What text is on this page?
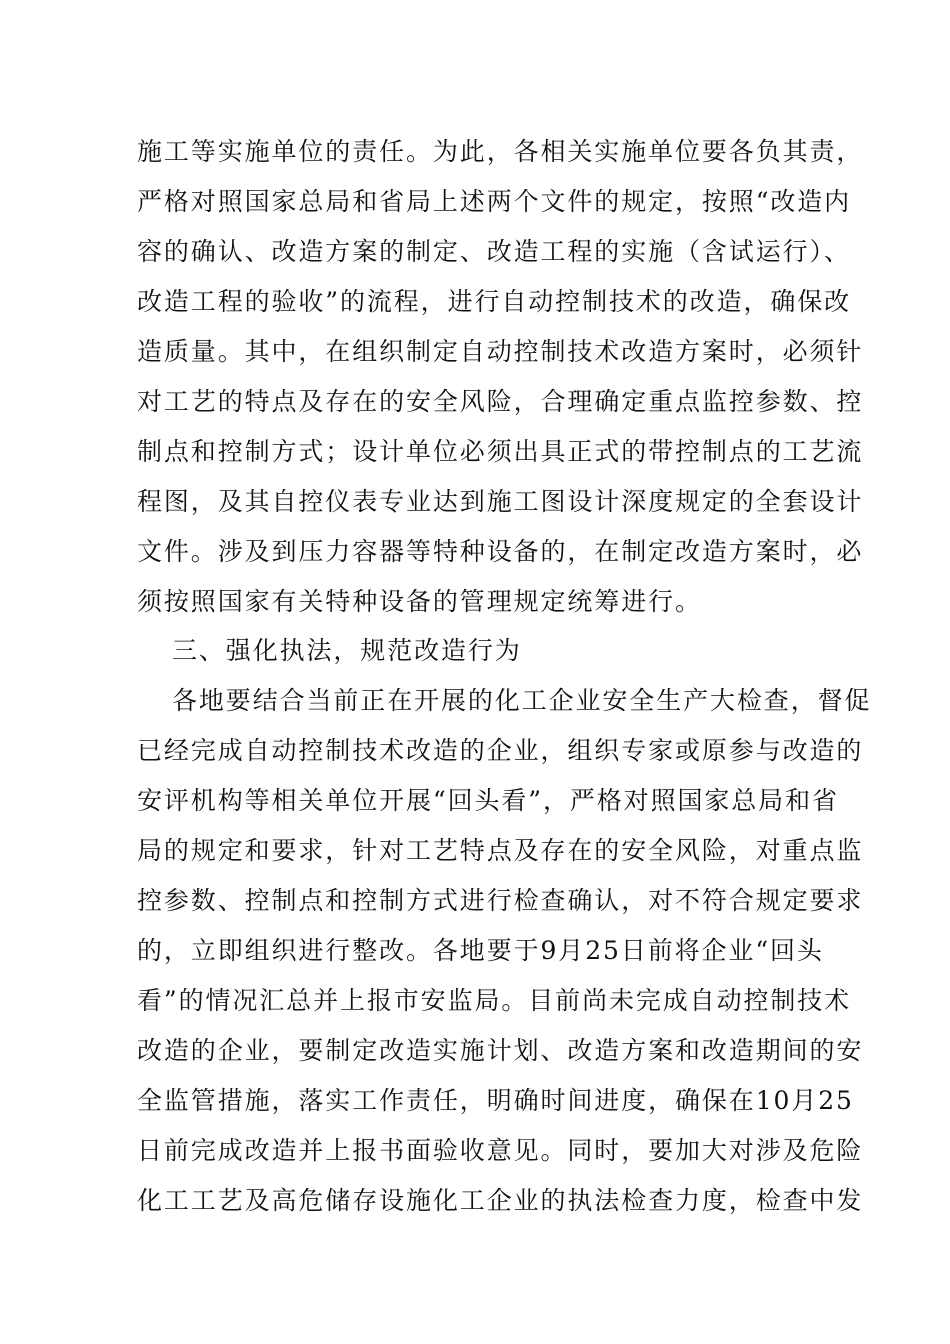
施工等实施单位的责任。为此，各相关实施单位要各负其责，
严格对照国家总局和省局上述两个文件的规定，按照“改造内
容的确认、改造方案的制定、改造工程的实施（含试运行）、
改造工程的验收”的流程，进行自动控制技术的改造，确保改
造质量。其中，在组织制定自动控制技术改造方案时，必须针
对工艺的特点及存在的安全风险，合理确定重点监控参数、控
制点和控制方式；设计单位必须出具正式的带控制点的工艺流
程图，及其自控仪表专业达到施工图设计深度规定的全套设计
文件。涉及到压力容器等特种设备的，在制定改造方案时，必
须按照国家有关特种设备的管理规定统筹进行。
三、强化执法，规范改造行为
各地要结合当前正在开展的化工企业安全生产大检查，督促
已经完成自动控制技术改造的企业，组织专家或原参与改造的
安评机构等相关单位开展“回头看”，严格对照国家总局和省
局的规定和要求，针对工艺特点及存在的安全风险，对重点监
控参数、控制点和控制方式进行检查确认，对不符合规定要求
的，立即组织进行整改。各地要于9月25日前将企业“回头
看”的情况汇总并上报市安监局。目前尚未完成自动控制技术
改造的企业，要制定改造实施计划、改造方案和改造期间的安
全监管措施，落实工作责任，明确时间进度，确保在10月25
日前完成改造并上报书面验收意见。同时，要加大对涉及危险
化工工艺及高危储存设施化工企业的执法检查力度，检查中发
